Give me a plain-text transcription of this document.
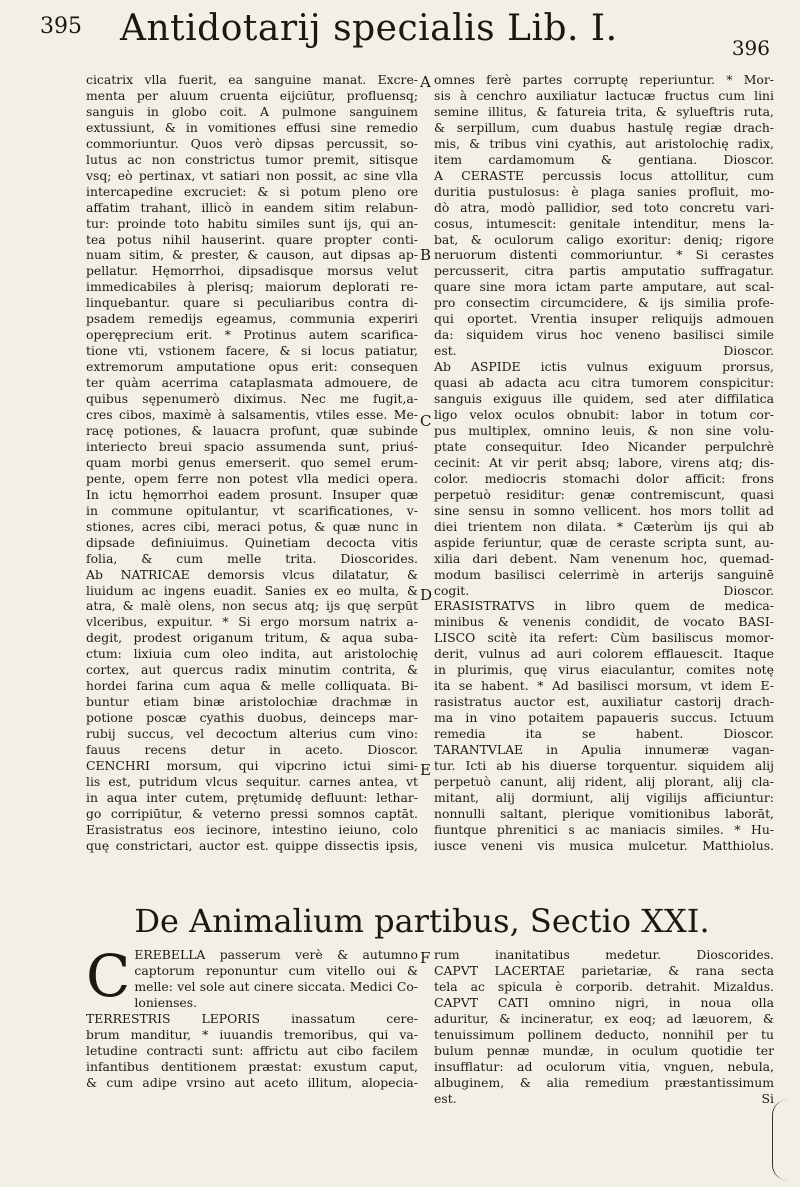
395 Antidotarij specialis Lib. I.	396
cicatrix vlla fuerit, ea sanguine manat. Excre-
menta per aluum cruenta eijciūtur, profluensq;
sanguis in globo coit. A pulmone sanguinem
extussiunt, & in vomitiones effusi sine remedio
commoriuntur. Quos verò dipsas percussit, so-
lutus ac non constrictus tumor premit, sitisque
vsq; eò pertinax, vt satiari non possit, ac sine vlla
intercapedine excruciet: & si potum pleno ore
affatim trahant, illicò in eandem sitim relabun-
tur: proinde toto habitu similes sunt ijs, qui an-
tea potus nihil hauserint. quare propter conti-
nuam sitim, & prester, & causon, aut dipsas ap-
pellatur. Hęmorrhoi, dipsadisque morsus velut
immedicabiles à plerisq; maiorum deplorati re-
linquebantur. quare si peculiaribus contra di-
psadem remedijs egeamus, communia experiri
operęprecium erit. * Protinus autem scarifica-
tione vti, vstionem facere, & si locus patiatur,
extremorum amputatione opus erit: consequen
ter quàm acerrima cataplasmata admouere, de
quibus sępenumerò diximus. Nec me fugit,a-
cres cibos, maximè à salsamentis, vtiles esse. Me-
racę potiones, & lauacra profunt, quæ subinde
interiecto breui spacio assumenda sunt, priuś-
quam morbi genus emerserit. quo semel erum-
pente, opem ferre non potest vlla medici opera.
In ictu hęmorrhoi eadem prosunt. Insuper quæ
in commune opitulantur, vt scarificationes, v-
stiones, acres cibi, meraci potus, & quæ nunc in
dipsade definiuimus. Quinetiam decocta vitis
folia, & cum melle trita. Dioscorides.
Ab NATRICAE demorsis vlcus dilatatur, &
liuidum ac ingens euadit. Sanies ex eo multa, &
atra, & malè olens, non secus atq; ijs quę serpūt
vlceribus, expuitur. * Si ergo morsum natrix a-
degit, prodest origanum tritum, & aqua suba-
ctum: lixiuia cum oleo indita, aut aristolochię
cortex, aut quercus radix minutim contrita, &
hordei farina cum aqua & melle colliquata. Bi-
buntur etiam binæ aristolochiæ drachmæ in
potione poscæ cyathis duobus, deinceps mar-
rubij succus, vel decoctum alterius cum vino:
fauus recens detur in aceto. Dioscor.
CENCHRI morsum, qui vipcrino ictui simi-
lis est, putridum vlcus sequitur. carnes antea, vt
in aqua inter cutem, prętumidę defluunt: lethar-
go corripiūtur, & veterno pressi somnos captāt.
Erasistratus eos iecinore, intestino ieiuno, colo
quę constrictari, auctor est. quippe dissectis ipsis,
omnes ferè partes corruptę reperiuntur. * Mor-
sis à cenchro auxiliatur lactucæ fructus cum lini
semine illitus, & fatureia trita, & sylueftris ruta,
& serpillum, cum duabus hastulę regiæ drach-
mis, & tribus vini cyathis, aut aristolochię radix,
item cardamomum & gentiana. Dioscor.
A CERASTE percussis locus attollitur, cum
duritia pustulosus: è plaga sanies profluit, mo-
dò atra, modò pallidior, sed toto concretu vari-
cosus, intumescit: genitale intenditur, mens la-
bat, & oculorum caligo exoritur: deniq; rigore
neruorum distenti commoriuntur. * Si cerastes
percusserit, citra partis amputatio suffragatur.
quare sine mora ictam parte amputare, aut scal-
pro consectim circumcidere, & ijs similia profe-
qui oportet. Vrentia insuper reliquijs admouen
da: siquidem virus hoc veneno basilisci simile
est. Dioscor.
Ab ASPIDE ictis vulnus exiguum prorsus,
quasi ab adacta acu citra tumorem conspicitur:
sanguis exiguus ille quidem, sed ater diffilatica
ligo velox oculos obnubit: labor in totum cor-
pus multiplex, omnino leuis, & non sine volu-
ptate consequitur. Ideo Nicander perpulchrè
cecinit: At vir perit absq; labore, virens atq; dis-
color. mediocris stomachi dolor afficit: frons
perpetuò residitur: genæ contremiscunt, quasi
sine sensu in somno vellicent. hos mors tollit ad
diei trientem non dilata. * Cæterùm ijs qui ab
aspide feriuntur, quæ de ceraste scripta sunt, au-
xilia dari debent. Nam venenum hoc, quemad-
modum basilisci celerrimè in arterijs sanguinē
cogit. Dioscor.
ERASISTRATVS in libro quem de medica-
minibus & venenis condidit, de vocato BASI-
LISCO scitè ita refert: Cùm basiliscus momor-
derit, vulnus ad auri colorem efflauescit. Itaque
in plurimis, quę virus eiaculantur, comites notę
ita se habent. * Ad basilisci morsum, vt idem E-
rasistratus auctor est, auxiliatur castorij drach-
ma in vino potaitem papaueris succus. Ictuum
remedia ita se habent. Dioscor.
TARANTVLAE in Apulia innumeræ vagan-
tur. Icti ab his diuerse torquentur. siquidem alij
perpetuò canunt, alij rident, alij plorant, alij cla-
mitant, alij dormiunt, alij vigilijs afficiuntur:
nonnulli saltant, plerique vomitionibus laborāt,
fiuntque phrenitici s ac maniacis similes. * Hu-
iusce veneni vis musica mulcetur. Matthiolus.
A
B
C
D
E
F
De Animalium partibus, Sectio XXI.
C EREBELLA passerum verè & autumno
captorum reponuntur cum vitello oui &
melle: vel sole aut cinere siccata. Medici Co-
lonienses.
TERRESTRIS LEPORIS inassatum cere-
brum manditur, * iuuandis tremoribus, qui va-
letudine contracti sunt: affrictu aut cibo facilem
infantibus dentitionem præstat: exustum caput,
& cum adipe vrsino aut aceto illitum, alopecia-
rum inanitatibus medetur. Dioscorides.
CAPVT LACERTAE parietariæ, & rana secta
tela ac spicula è corporib. detrahit. Mizaldus.
CAPVT CATI omnino nigri, in noua olla
aduritur, & incineratur, ex eoq; ad læuorem, &
tenuissimum pollinem deducto, nonnihil per tu
bulum pennæ mundæ, in oculum quotidie ter
insufflatur: ad oculorum vitia, vnguen, nebula,
albuginem, & alia remedium præstantissimum
est. Si
